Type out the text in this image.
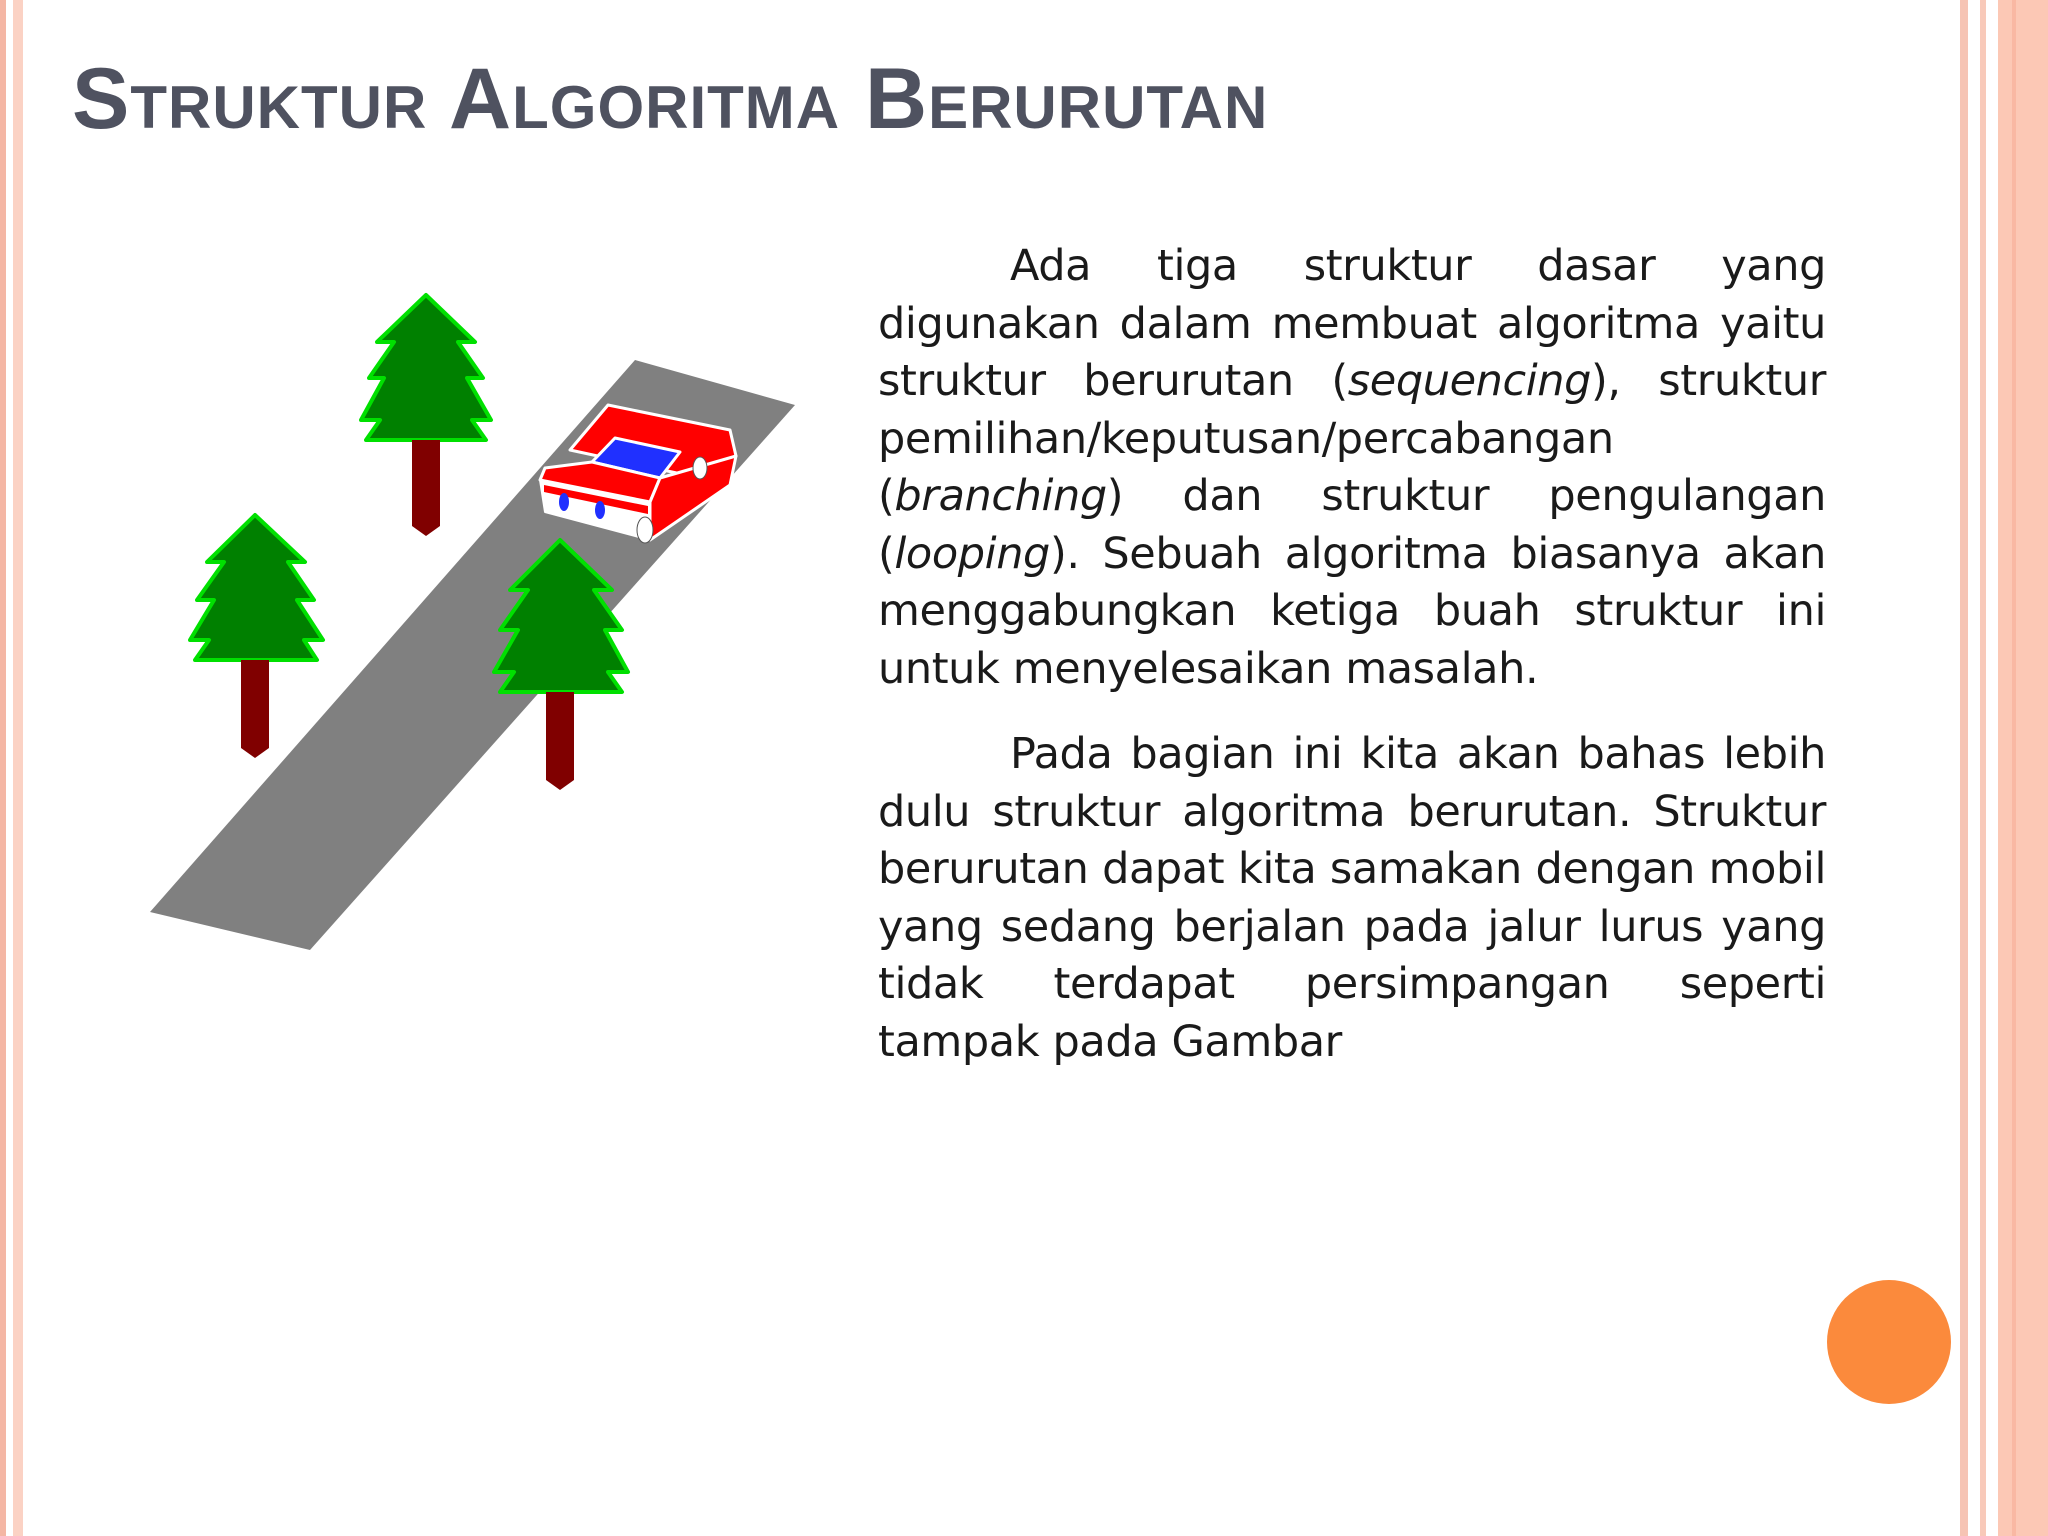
Struktur Algoritma Berurutan

Ada tiga struktur dasar yang digunakan dalam membuat algoritma yaitu struktur berurutan (sequencing), struktur pemilihan/keputusan/percabangan (branching) dan struktur pengulangan (looping). Sebuah algoritma biasanya akan menggabungkan ketiga buah struktur ini untuk menyelesaikan masalah.

Pada bagian ini kita akan bahas lebih dulu struktur algoritma berurutan. Struktur berurutan dapat kita samakan dengan mobil yang sedang berjalan pada jalur lurus yang tidak terdapat persimpangan seperti tampak pada Gambar
